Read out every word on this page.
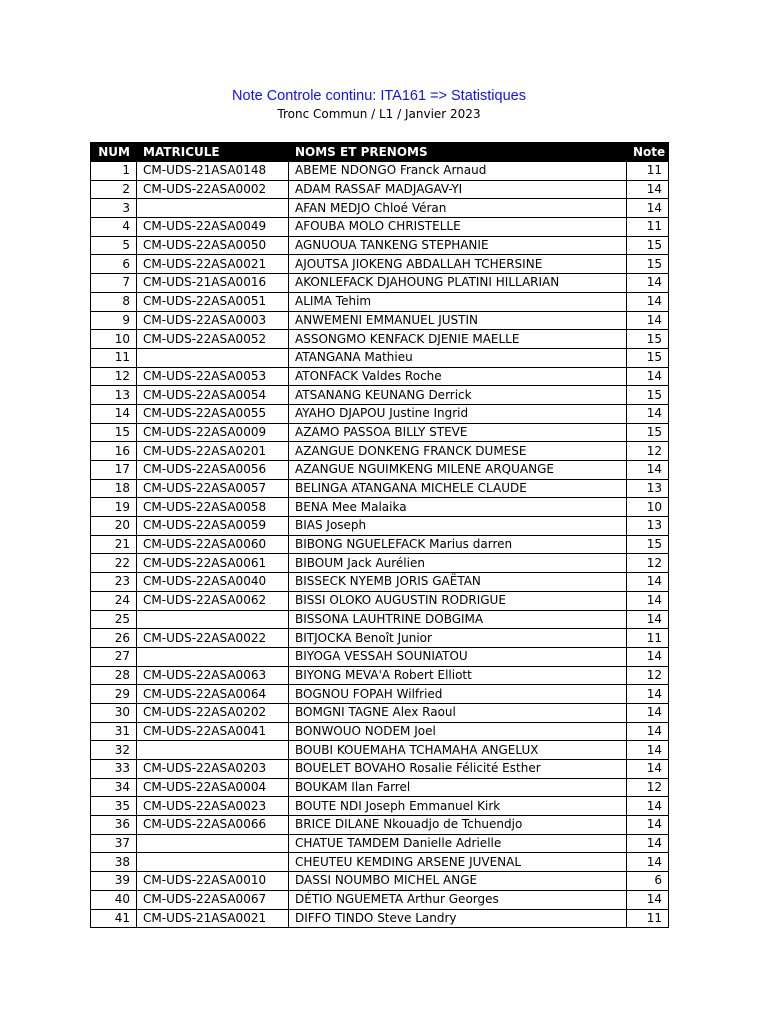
Note Controle continu: ITA161 => Statistiques
Tronc Commun / L1 / Janvier 2023
NUM	MATRICULE	NOMS ET PRENOMS	Note
1	CM-UDS-21ASA0148	ABEME NDONGO Franck Arnaud	11
2	CM-UDS-22ASA0002	ADAM RASSAF MADJAGAV-YI	14
3		AFAN MEDJO Chloé Véran	14
4	CM-UDS-22ASA0049	AFOUBA MOLO CHRISTELLE	11
5	CM-UDS-22ASA0050	AGNUOUA TANKENG STEPHANIE	15
6	CM-UDS-22ASA0021	AJOUTSA JIOKENG ABDALLAH TCHERSINE	15
7	CM-UDS-21ASA0016	AKONLEFACK DJAHOUNG PLATINI HILLARIAN	14
8	CM-UDS-22ASA0051	ALIMA Tehim	14
9	CM-UDS-22ASA0003	ANWEMENI EMMANUEL JUSTIN	14
10	CM-UDS-22ASA0052	ASSONGMO KENFACK DJENIE MAELLE	15
11		ATANGANA Mathieu	15
12	CM-UDS-22ASA0053	ATONFACK Valdes Roche	14
13	CM-UDS-22ASA0054	ATSANANG KEUNANG Derrick	15
14	CM-UDS-22ASA0055	AYAHO DJAPOU Justine Ingrid	14
15	CM-UDS-22ASA0009	AZAMO PASSOA BILLY STEVE	15
16	CM-UDS-22ASA0201	AZANGUE DONKENG FRANCK DUMESE	12
17	CM-UDS-22ASA0056	AZANGUE NGUIMKENG MILENE ARQUANGE	14
18	CM-UDS-22ASA0057	BELINGA ATANGANA MICHELE CLAUDE	13
19	CM-UDS-22ASA0058	BENA Mee Malaika	10
20	CM-UDS-22ASA0059	BIAS Joseph	13
21	CM-UDS-22ASA0060	BIBONG NGUELEFACK Marius darren	15
22	CM-UDS-22ASA0061	BIBOUM Jack Aurélien	12
23	CM-UDS-22ASA0040	BISSECK NYEMB JORIS GAËTAN	14
24	CM-UDS-22ASA0062	BISSI OLOKO AUGUSTIN RODRIGUE	14
25		BISSONA LAUHTRINE DOBGIMA	14
26	CM-UDS-22ASA0022	BITJOCKA Benoît Junior	11
27		BIYOGA VESSAH SOUNIATOU	14
28	CM-UDS-22ASA0063	BIYONG MEVA'A Robert Elliott	12
29	CM-UDS-22ASA0064	BOGNOU FOPAH Wilfried	14
30	CM-UDS-22ASA0202	BOMGNI TAGNE Alex Raoul	14
31	CM-UDS-22ASA0041	BONWOUO NODEM Joel	14
32		BOUBI KOUEMAHA TCHAMAHA ANGELUX	14
33	CM-UDS-22ASA0203	BOUELET BOVAHO Rosalie Félicité Esther	14
34	CM-UDS-22ASA0004	BOUKAM Ilan Farrel	12
35	CM-UDS-22ASA0023	BOUTE NDI Joseph Emmanuel Kirk	14
36	CM-UDS-22ASA0066	BRICE DILANE Nkouadjo de Tchuendjo	14
37		CHATUE TAMDEM Danielle Adrielle	14
38		CHEUTEU KEMDING ARSENE JUVENAL	14
39	CM-UDS-22ASA0010	DASSI NOUMBO MICHEL ANGE	6
40	CM-UDS-22ASA0067	DÉTIO NGUEMETA Arthur Georges	14
41	CM-UDS-21ASA0021	DIFFO TINDO Steve Landry	11
